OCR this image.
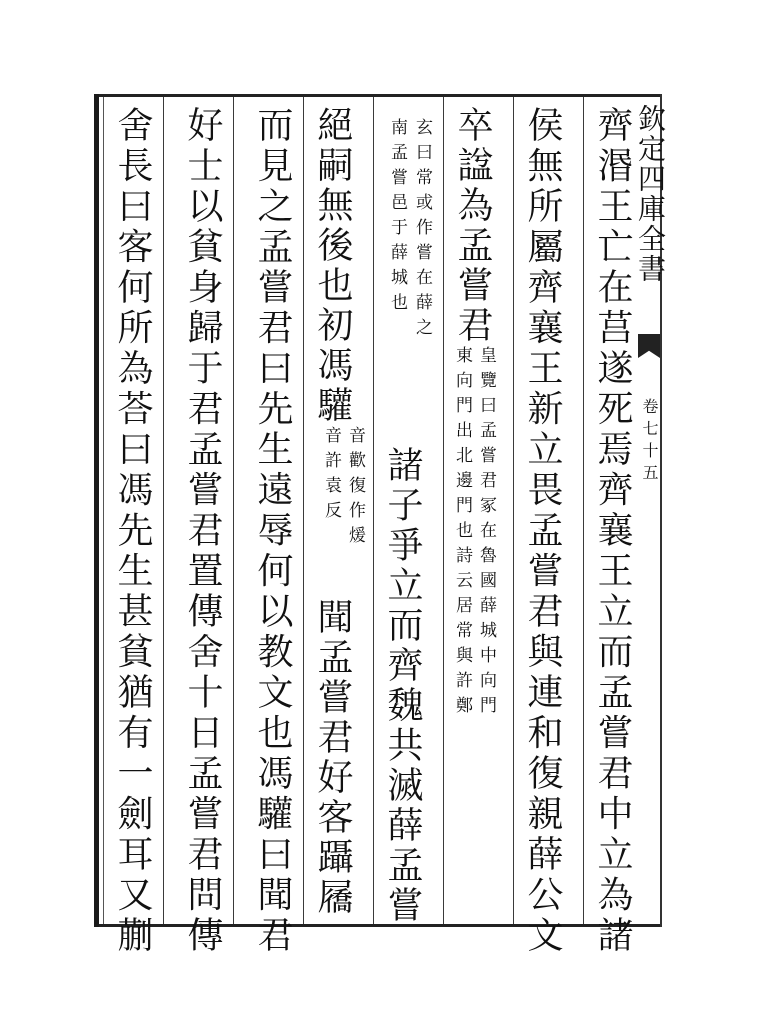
欽定四庫全書
卷七十五
齊湣王亡在莒遂死焉齊襄王立而孟嘗君中立為諸
侯無所屬齊襄王新立畏孟嘗君與連和復親薛公文
卒諡為孟嘗君
皇覽曰孟嘗君冢在魯國薛城中向門
東向門出北邊門也詩云居常與許鄭
玄曰常或作嘗在薛之
南孟嘗邑于薛城也
諸子爭立而齊魏共滅薛孟嘗
絕嗣無後也初馮驩
音歡復作煖
音許袁反
聞孟嘗君好客躡屩
而見之孟嘗君曰先生遠辱何以教文也馮驩曰聞君
好士以貧身歸于君孟嘗君置傳舍十日孟嘗君問傳
舍長曰客何所為荅曰馮先生甚貧猶有一劍耳又蒯
